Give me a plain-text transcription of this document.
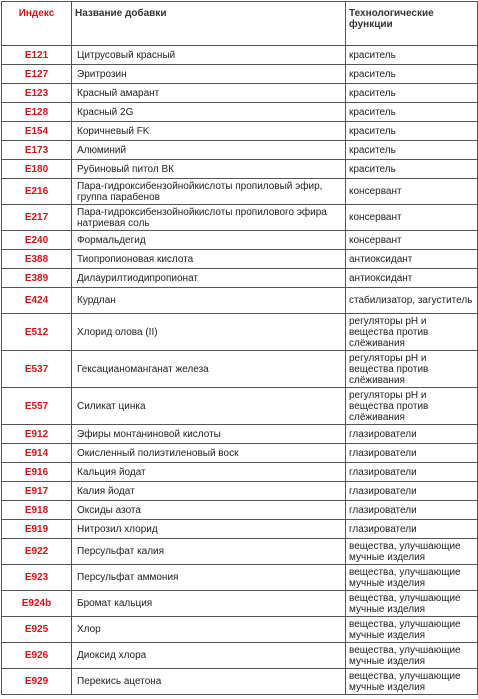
Индекс	Название добавки	Технологические функции
E121	Цитрусовый красный	краситель
E127	Эритрозин	краситель
E123	Красный амарант	краситель
E128	Красный 2G	краситель
E154	Коричневый FK	краситель
E173	Алюминий	краситель
E180	Рубиновый питол ВК	краситель
E216	Пара-гидроксибензойнойкислоты пропиловый эфир, группа парабенов	консервант
E217	Пара-гидроксибензойнойкислоты пропилового эфира натриевая соль	консервант
E240	Формальдегид	консервант
E388	Тиопропионовая кислота	антиоксидант
E389	Дилаурилтиодипропионат	антиоксидант
E424	Курдлан	стабилизатор, загуститель
E512	Хлорид олова (II)	регуляторы pH и вещества против слёживания
E537	Гексацианоманганат железа	регуляторы pH и вещества против слёживания
E557	Силикат цинка	регуляторы pH и вещества против слёживания
E912	Эфиры монтаниновой кислоты	глазирователи
E914	Окисленный полиэтиленовый воск	глазирователи
E916	Кальция йодат	глазирователи
E917	Калия йодат	глазирователи
E918	Оксиды азота	глазирователи
E919	Нитрозил хлорид	глазирователи
E922	Персульфат калия	вещества, улучшающие мучные изделия
E923	Персульфат аммония	вещества, улучшающие мучные изделия
E924b	Бромат кальция	вещества, улучшающие мучные изделия
E925	Хлор	вещества, улучшающие мучные изделия
E926	Диоксид хлора	вещества, улучшающие мучные изделия
E929	Перекись ацетона	вещества, улучшающие мучные изделия
